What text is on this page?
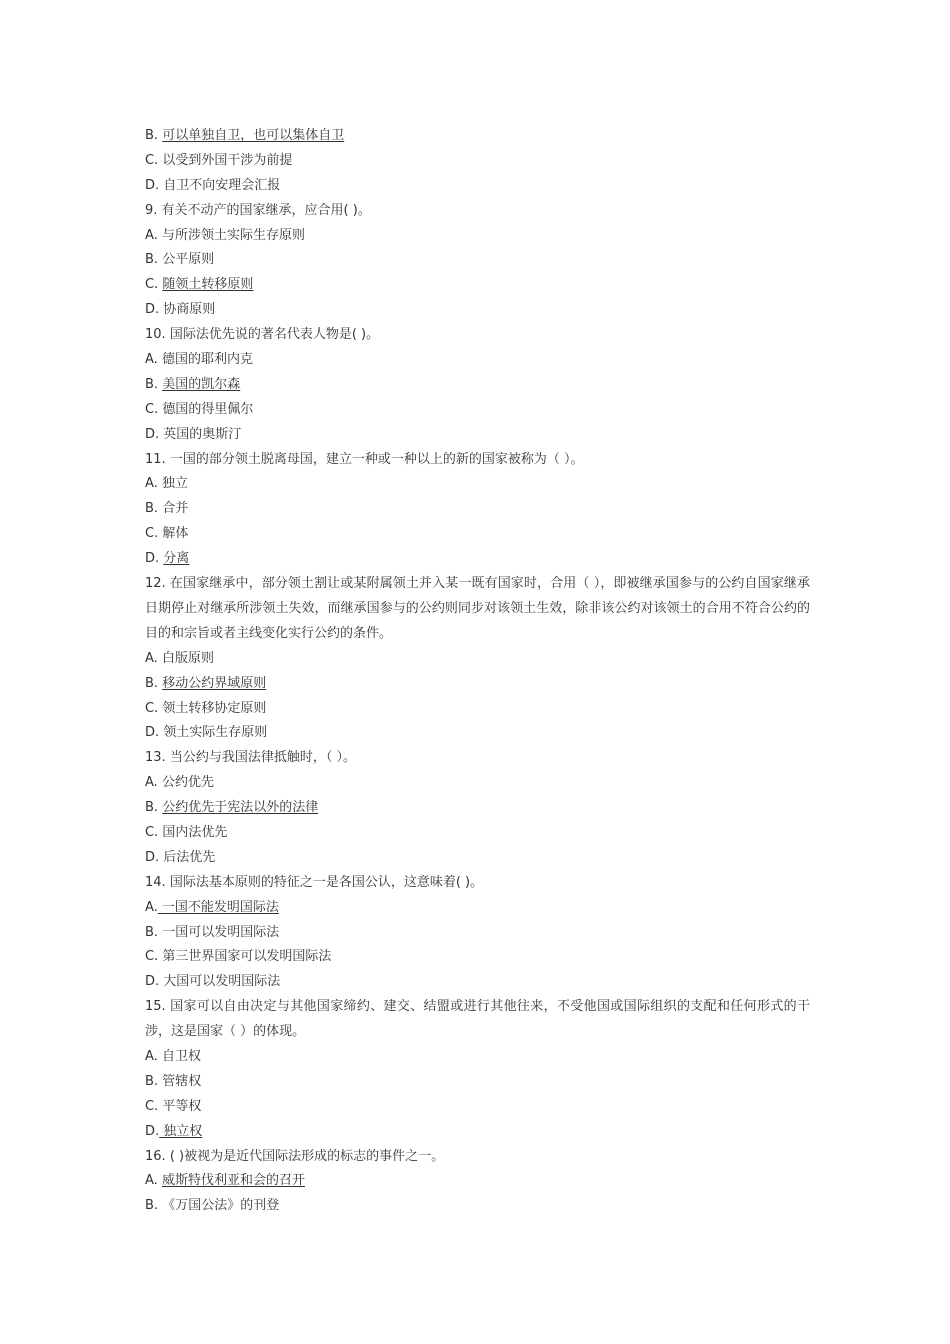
B. 可以单独自卫，也可以集体自卫
C. 以受到外国干涉为前提
D. 自卫不向安理会汇报
9. 有关不动产的国家继承，应合用( )。
A. 与所涉领土实际生存原则
B. 公平原则
C. 随领土转移原则
D. 协商原则
10. 国际法优先说的著名代表人物是( )。
A. 德国的耶利内克
B. 美国的凯尔森
C. 德国的得里佩尔
D. 英国的奥斯汀
11. 一国的部分领土脱离母国，建立一种或一种以上的新的国家被称为（ ）。
A. 独立
B. 合并
C. 解体
D. 分离
12. 在国家继承中，部分领土割让或某附属领土并入某一既有国家时，合用（ ），即被继承国参与的公约自国家继承日期停止对继承所涉领土失效，而继承国参与的公约则同步对该领土生效，除非该公约对该领土的合用不符合公约的目的和宗旨或者主线变化实行公约的条件。
A. 白版原则
B. 移动公约界域原则
C. 领土转移协定原则
D. 领土实际生存原则
13. 当公约与我国法律抵触时，（ ）。
A. 公约优先
B. 公约优先于宪法以外的法律
C. 国内法优先
D. 后法优先
14. 国际法基本原则的特征之一是各国公认，这意味着( )。
A. 一国不能发明国际法
B. 一国可以发明国际法
C. 第三世界国家可以发明国际法
D. 大国可以发明国际法
15. 国家可以自由决定与其他国家缔约、建交、结盟或进行其他往来，不受他国或国际组织的支配和任何形式的干涉，这是国家（ ）的体现。
A. 自卫权
B. 管辖权
C. 平等权
D. 独立权
16. ( )被视为是近代国际法形成的标志的事件之一。
A. 威斯特伐利亚和会的召开
B. 《万国公法》的刊登
